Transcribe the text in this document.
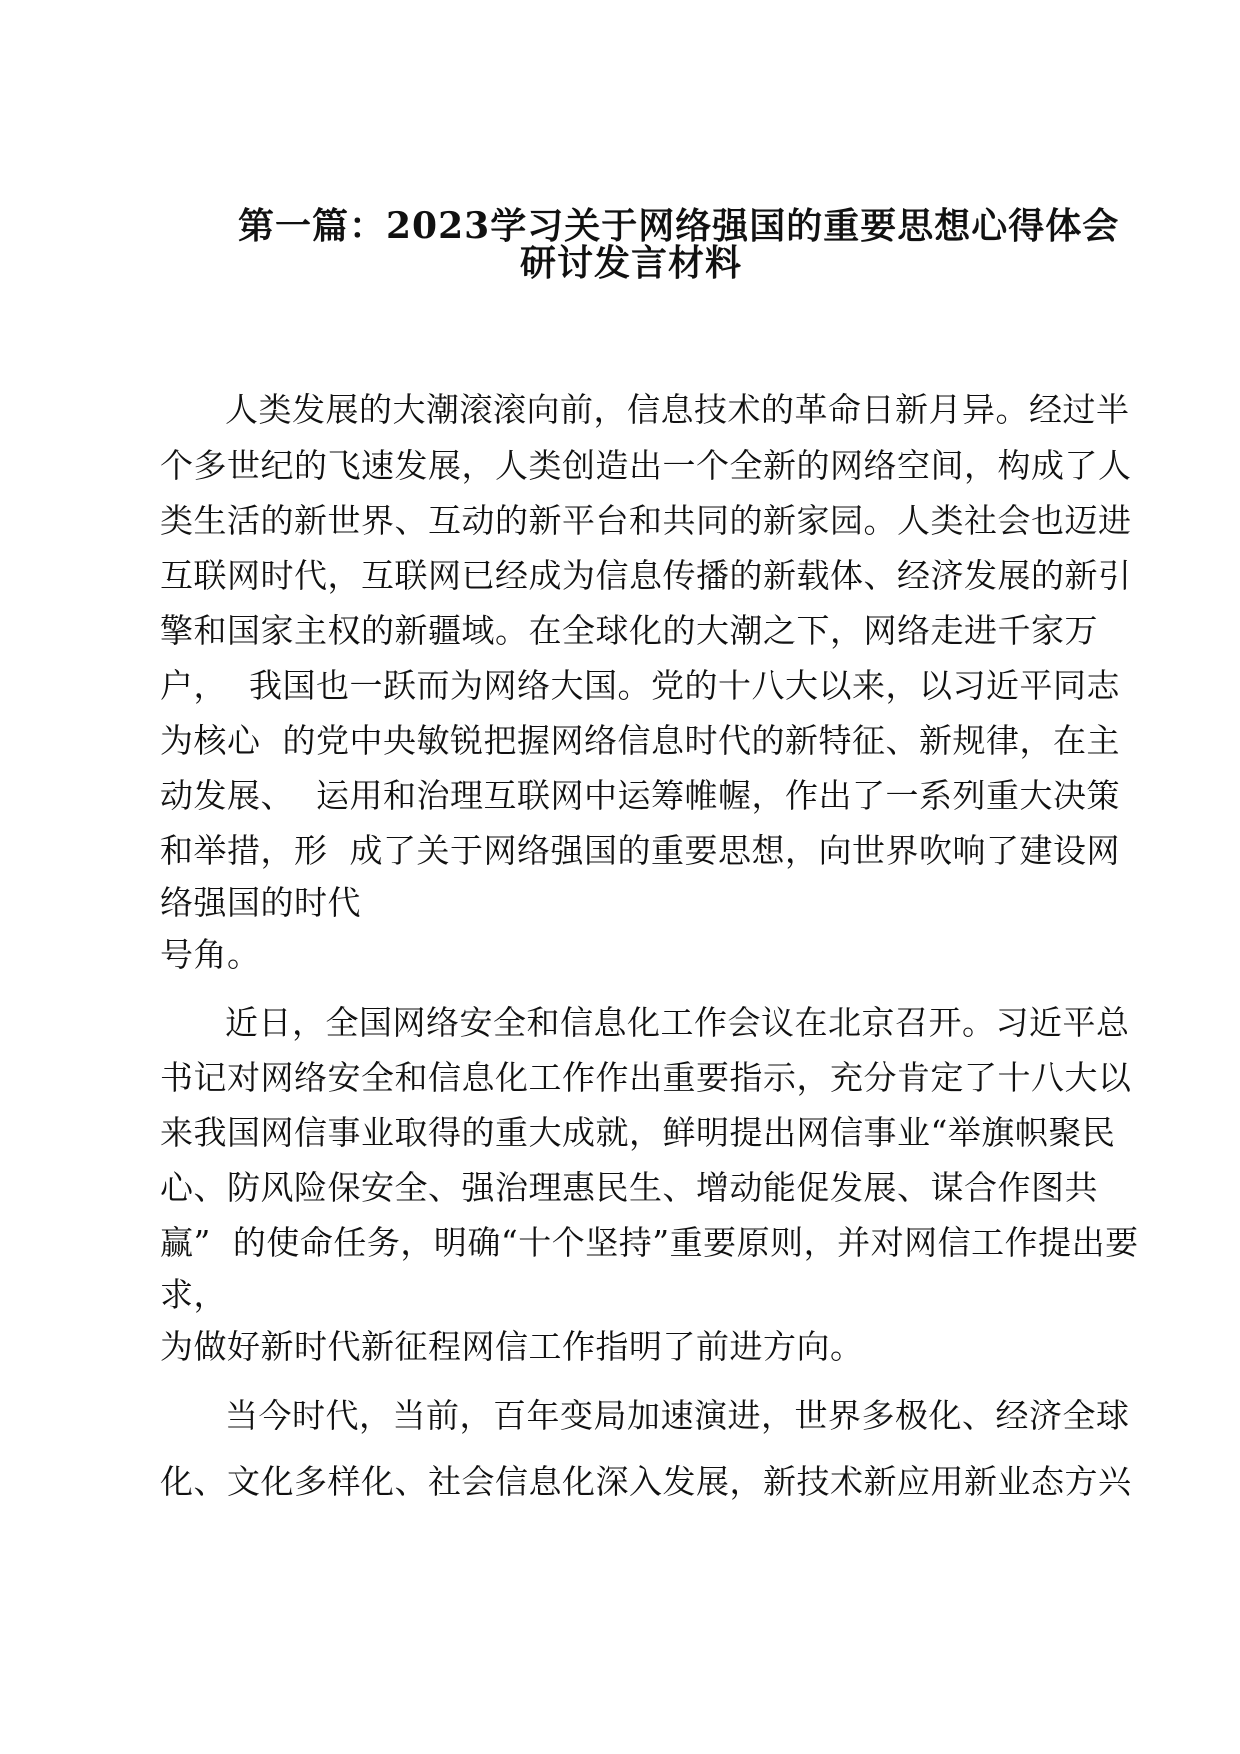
第一篇：2023学习关于网络强国的重要思想心得体会
研讨发言材料
人类发展的大潮滚滚向前，信息技术的革命日新月异。经过半
个多世纪的飞速发展，人类创造出一个全新的网络空间，构成了人
类生活的新世界、互动的新平台和共同的新家园。人类社会也迈进
互联网时代，互联网已经成为信息传播的新载体、经济发展的新引
擎和国家主权的新疆域。在全球化的大潮之下，网络走进千家万
户，  我国也一跃而为网络大国。党的十八大以来，以习近平同志
为核心  的党中央敏锐把握网络信息时代的新特征、新规律，在主
动发展、  运用和治理互联网中运筹帷幄，作出了一系列重大决策
和举措，形  成了关于网络强国的重要思想，向世界吹响了建设网
络强国的时代
号角。
近日，全国网络安全和信息化工作会议在北京召开。习近平总
书记对网络安全和信息化工作作出重要指示，充分肯定了十八大以
来我国网信事业取得的重大成就，鲜明提出网信事业“举旗帜聚民
心、防风险保安全、强治理惠民生、增动能促发展、谋合作图共
赢”  的使命任务，明确“十个坚持”重要原则，并对网信工作提出要
求，
为做好新时代新征程网信工作指明了前进方向。
当今时代，当前，百年变局加速演进，世界多极化、经济全球
化、文化多样化、社会信息化深入发展，新技术新应用新业态方兴
